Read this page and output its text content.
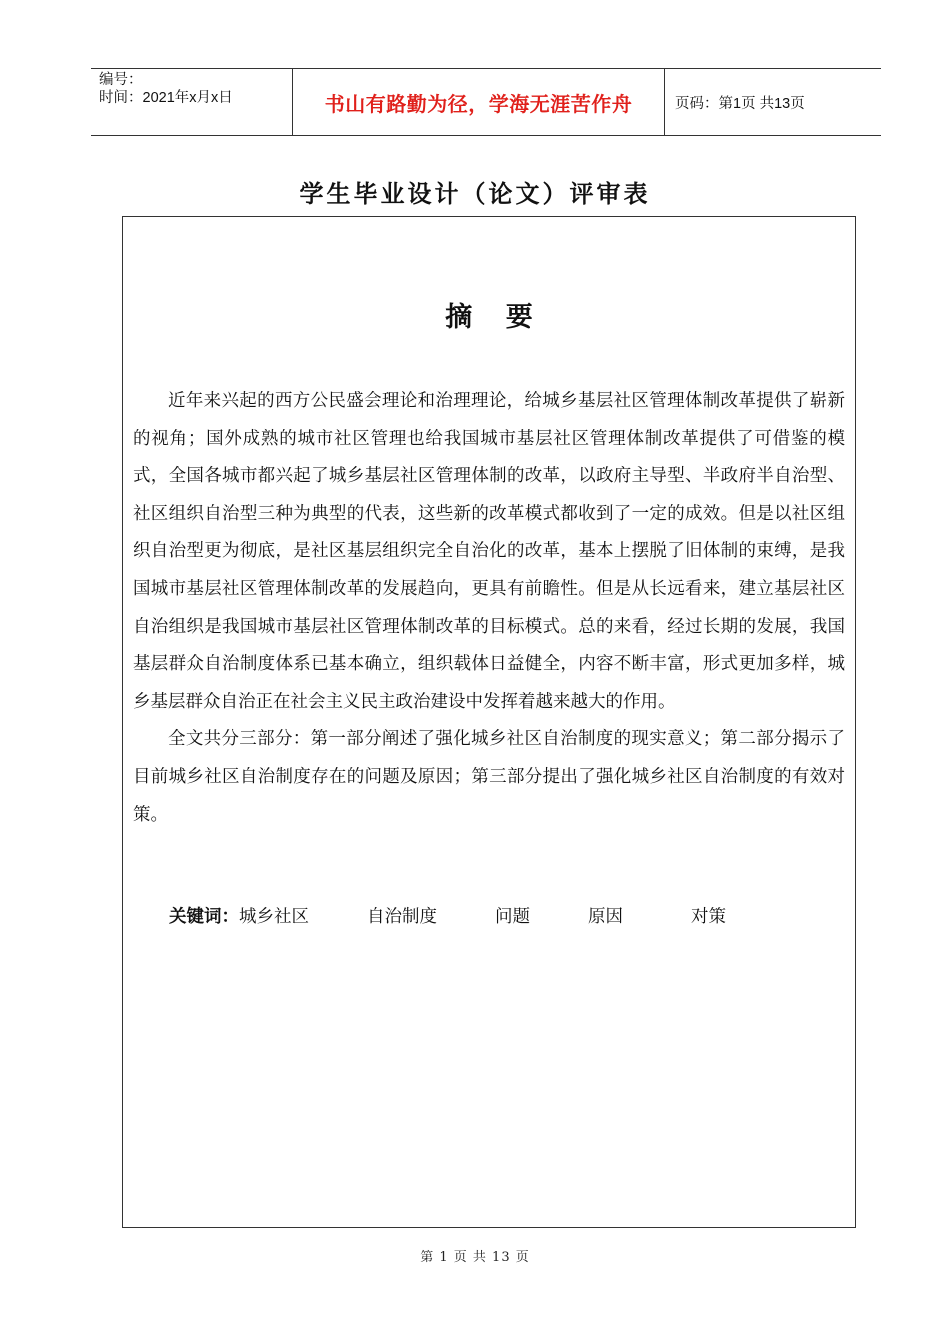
编号：
时间：2021年x月x日	书山有路勤为径，学海无涯苦作舟	页码：第1页 共13页
学生毕业设计（论文）评审表
摘 要

近年来兴起的西方公民盛会理论和治理理论，给城乡基层社区管理体制改革提供了崭新的视角；国外成熟的城市社区管理也给我国城市基层社区管理体制改革提供了可借鉴的模式，全国各城市都兴起了城乡基层社区管理体制的改革，以政府主导型、半政府半自治型、社区组织自治型三种为典型的代表，这些新的改革模式都收到了一定的成效。但是以社区组织自治型更为彻底，是社区基层组织完全自治化的改革，基本上摆脱了旧体制的束缚，是我国城市基层社区管理体制改革的发展趋向，更具有前瞻性。但是从长远看来，建立基层社区自治组织是我国城市基层社区管理体制改革的目标模式。总的来看，经过长期的发展，我国基层群众自治制度体系已基本确立，组织载体日益健全，内容不断丰富，形式更加多样，城乡基层群众自治正在社会主义民主政治建设中发挥着越来越大的作用。

全文共分三部分：第一部分阐述了强化城乡社区自治制度的现实意义；第二部分揭示了目前城乡社区自治制度存在的问题及原因；第三部分提出了强化城乡社区自治制度的有效对策。

关键词：城乡社区	自治制度	问题	原因	对策
第 1 页 共 13 页
